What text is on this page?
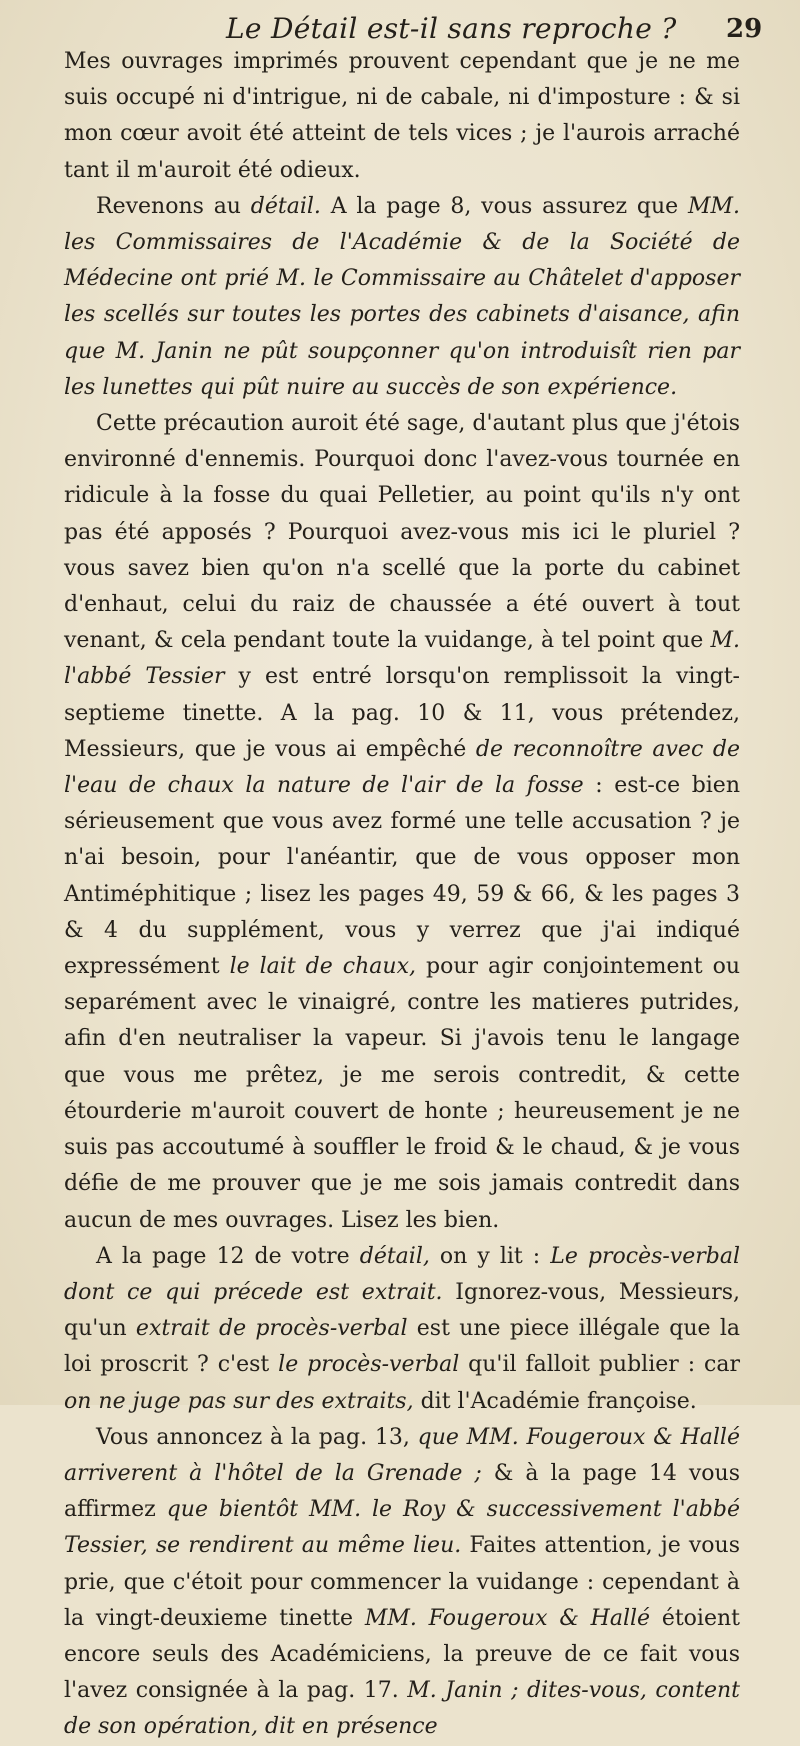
Le Détail est-il sans reproche ? 29

Mes ouvrages imprimés prouvent cependant que je ne me suis occupé ni d'intrigue, ni de cabale, ni d'imposture : & si mon cœur avoit été atteint de tels vices ; je l'aurois arraché tant il m'auroit été odieux.

Revenons au détail. A la page 8, vous assurez que MM. les Commissaires de l'Académie & de la Société de Médecine ont prié M. le Commissaire au Châtelet d'apposer les scellés sur toutes les portes des cabinets d'aisance, afin que M. Janin ne pût soupçonner qu'on introduisît rien par les lunettes qui pût nuire au succès de son expérience.

Cette précaution auroit été sage, d'autant plus que j'étois environné d'ennemis. Pourquoi donc l'avez-vous tournée en ridicule à la fosse du quai Pelletier, au point qu'ils n'y ont pas été apposés ? Pourquoi avez-vous mis ici le pluriel ? vous savez bien qu'on n'a scellé que la porte du cabinet d'enhaut, celui du raiz de chaussée a été ouvert à tout venant, & cela pendant toute la vuidange, à tel point que M. l'abbé Tessier y est entré lorsqu'on remplissoit la vingt-septieme tinette. A la pag. 10 & 11, vous prétendez, Messieurs, que je vous ai empêché de reconnoître avec de l'eau de chaux la nature de l'air de la fosse : est-ce bien sérieusement que vous avez formé une telle accusation ? je n'ai besoin, pour l'anéantir, que de vous opposer mon Antiméphitique ; lisez les pages 49, 59 & 66, & les pages 3 & 4 du supplément, vous y verrez que j'ai indiqué expressément le lait de chaux, pour agir conjointement ou separément avec le vinaigré, contre les matieres putrides, afin d'en neutraliser la vapeur. Si j'avois tenu le langage que vous me prêtez, je me serois contredit, & cette étourderie m'auroit couvert de honte ; heureusement je ne suis pas accoutumé à souffler le froid & le chaud, & je vous défie de me prouver que je me sois jamais contredit dans aucun de mes ouvrages. Lisez les bien.

A la page 12 de votre détail, on y lit : Le procès-verbal dont ce qui précede est extrait. Ignorez-vous, Messieurs, qu'un extrait de procès-verbal est une piece illégale que la loi proscrit ? c'est le procès-verbal qu'il falloit publier : car on ne juge pas sur des extraits, dit l'Académie françoise.

Vous annoncez à la pag. 13, que MM. Fougeroux & Hallé arriverent à l'hôtel de la Grenade ; & à la page 14 vous affirmez que bientôt MM. le Roy & successivement l'abbé Tessier, se rendirent au même lieu. Faites attention, je vous prie, que c'étoit pour commencer la vuidange : cependant à la vingt-deuxieme tinette MM. Fougeroux & Hallé étoient encore seuls des Académiciens, la preuve de ce fait vous l'avez consignée à la pag. 17. M. Janin ; dites-vous, content de son opération, dit en présence
